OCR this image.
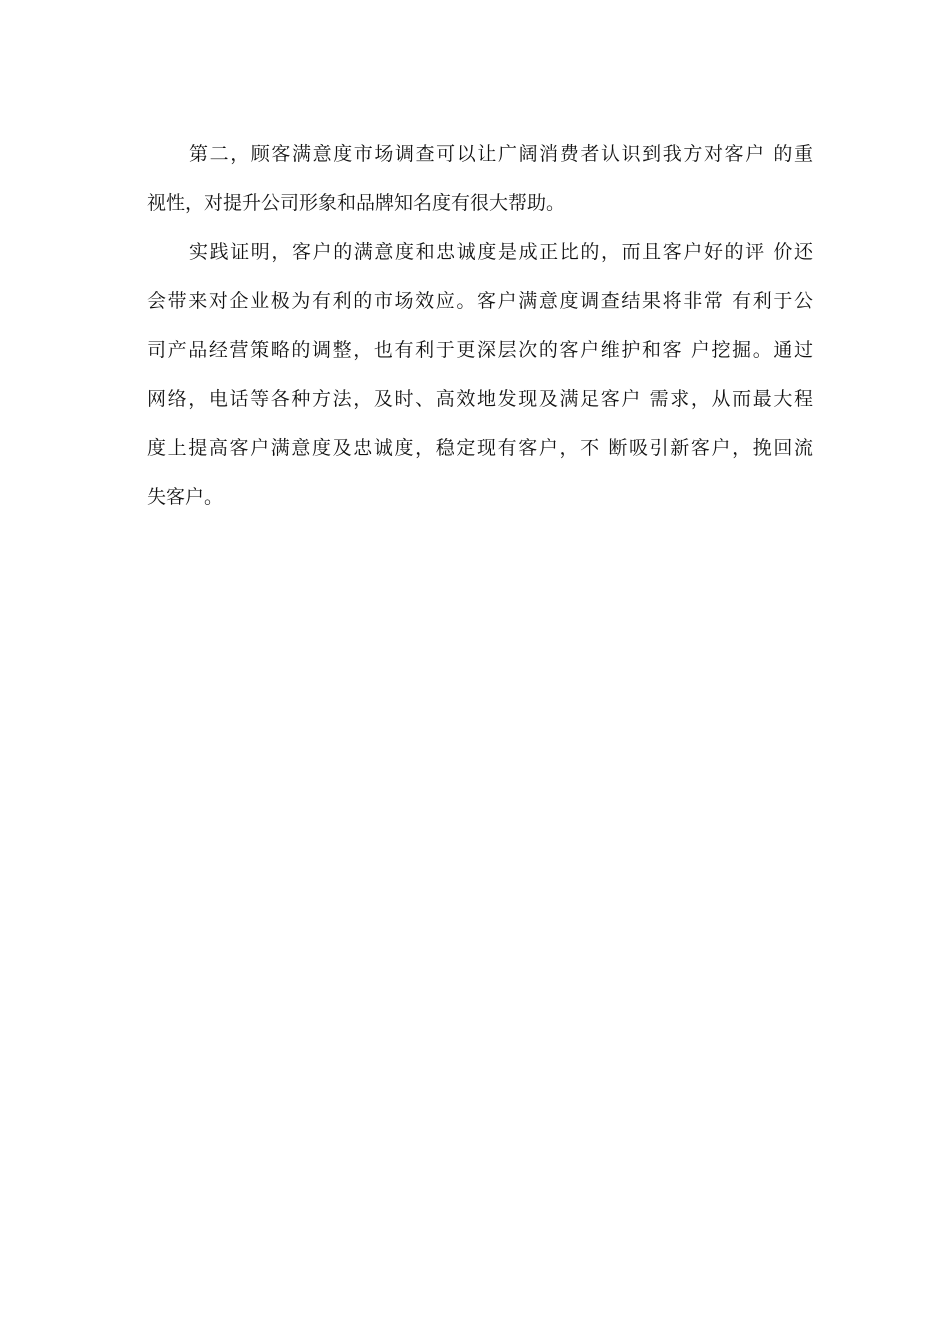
第二，顾客满意度市场调查可以让广阔消费者认识到我方对客户 的重
视性，对提升公司形象和品牌知名度有很大帮助。
实践证明，客户的满意度和忠诚度是成正比的，而且客户好的评 价还
会带来对企业极为有利的市场效应。客户满意度调查结果将非常 有利于公
司产品经营策略的调整，也有利于更深层次的客户维护和客 户挖掘。通过
网络，电话等各种方法，及时、高效地发现及满足客户 需求，从而最大程
度上提高客户满意度及忠诚度，稳定现有客户，不 断吸引新客户，挽回流
失客户。
